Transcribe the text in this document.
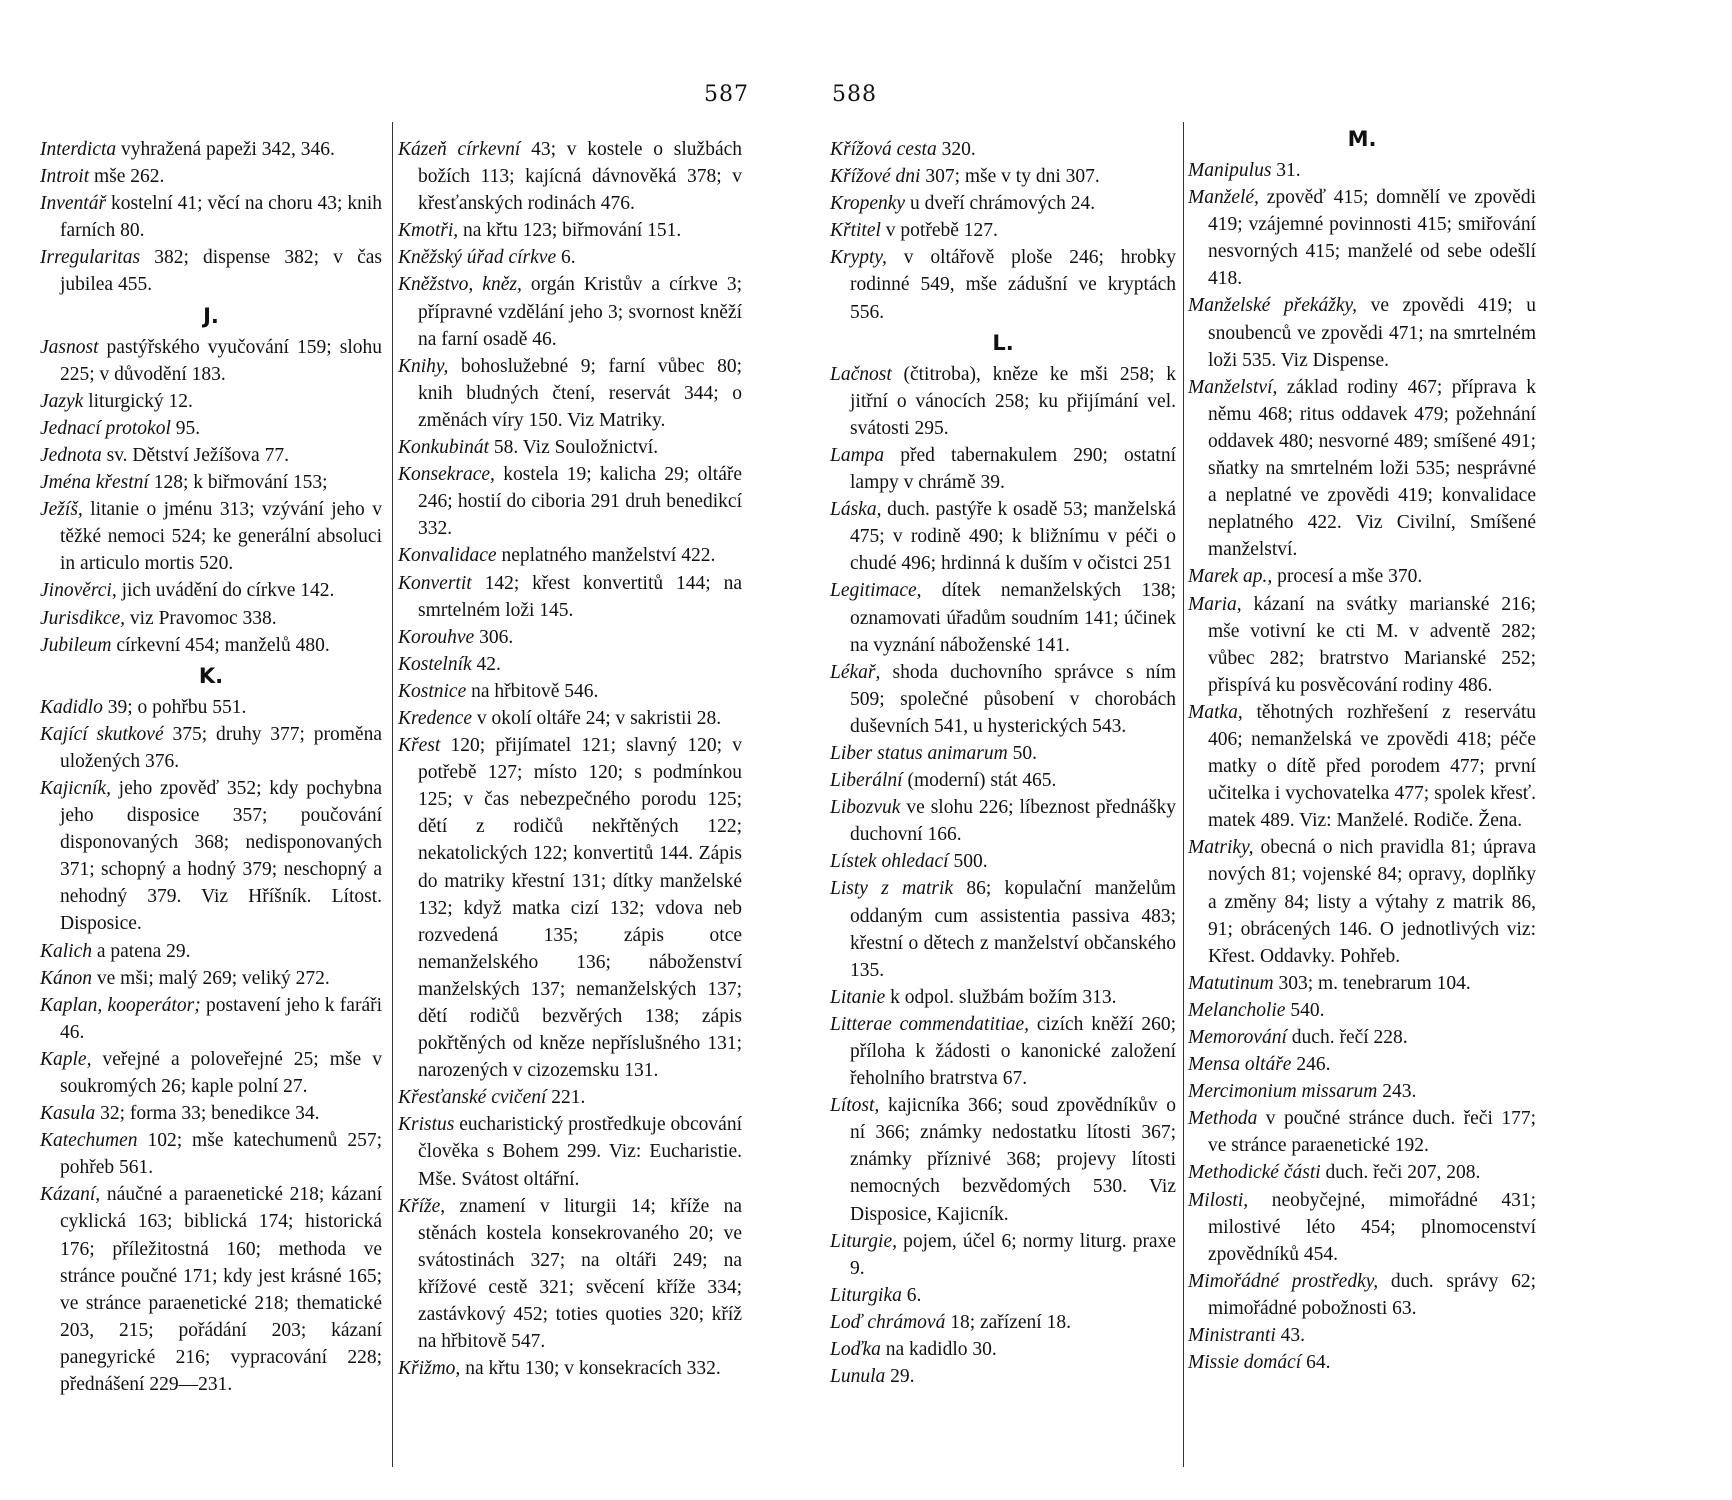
587	588

Interdicta vyhražená papeži 342, 346.

Introit mše 262.

Inventář kostelní 41; věcí na choru 43; knih farních 80.

Irregularitas 382; dispense 382; v čas jubilea 455.

J.

Jasnost pastýřského vyučování 159; slohu 225; v důvodění 183.

Jazyk liturgický 12.

Jednací protokol 95.

Jednota sv. Dětství Ježíšova 77.

Jména křestní 128; k biřmování 153;

Ježíš, litanie o jménu 313; vzývání jeho v těžké nemoci 524; ke generální absoluci in articulo mortis 520.

Jinověrci, jich uvádění do církve 142.

Jurisdikce, viz Pravomoc 338.

Jubileum církevní 454; manželů 480.

K.

Kadidlo 39; o pohřbu 551.

Kající skutkové 375; druhy 377; proměna uložených 376.

Kajicník, jeho zpověď 352; kdy pochybna jeho disposice 357; poučování disponovaných 368; nedisponovaných 371; schopný a hodný 379; neschopný a nehodný 379. Viz Hříšník. Lítost. Disposice.

Kalich a patena 29.

Kánon ve mši; malý 269; veliký 272.

Kaplan, kooperátor; postavení jeho k faráři 46.

Kaple, veřejné a poloveřejné 25; mše v soukromých 26; kaple polní 27.

Kasula 32; forma 33; benedikce 34.

Katechumen 102; mše katechumenů 257; pohřeb 561.

Kázaní, náučné a paraenetické 218; kázaní cyklická 163; biblická 174; historická 176; příležitostná 160; methoda ve stránce poučné 171; kdy jest krásné 165; ve stránce paraenetické 218; thematické 203, 215; pořádání 203; kázaní panegyrické 216; vypracování 228; přednášení 229—231.

Kázeň církevní 43; v kostele o službách božích 113; kajícná dávnověká 378; v křesťanských rodinách 476.

Kmotři, na křtu 123; biřmování 151.

Kněžský úřad církve 6.

Kněžstvo, kněz, orgán Kristův a církve 3; přípravné vzdělání jeho 3; svornost kněží na farní osadě 46.

Knihy, bohoslužebné 9; farní vůbec 80; knih bludných čtení, reservát 344; o změnách víry 150. Viz Matriky.

Konkubinát 58. Viz Souložnictví.

Konsekrace, kostela 19; kalicha 29; oltáře 246; hostií do ciboria 291 druh benedikcí 332.

Konvalidace neplatného manželství 422.

Konvertit 142; křest konvertitů 144; na smrtelném loži 145.

Korouhve 306.

Kostelník 42.

Kostnice na hřbitově 546.

Kredence v okolí oltáře 24; v sakristii 28.

Křest 120; přijímatel 121; slavný 120; v potřebě 127; místo 120; s podmínkou 125; v čas nebezpečného porodu 125; dětí z rodičů nekřtěných 122; nekatolických 122; konvertitů 144. Zápis do matriky křestní 131; dítky manželské 132; když matka cizí 132; vdova neb rozvedená 135; zápis otce nemanželského 136; náboženství manželských 137; nemanželských 137; dětí rodičů bezvěrých 138; zápis pokřtěných od kněze nepříslušného 131; narozených v cizozemsku 131.

Křesťanské cvičení 221.

Kristus eucharistický prostředkuje obcování člověka s Bohem 299. Viz: Eucharistie. Mše. Svátost oltářní.

Kříže, znamení v liturgii 14; kříže na stěnách kostela konsekrovaného 20; ve svátostinách 327; na oltáři 249; na křížové cestě 321; svěcení kříže 334; zastávkový 452; toties quoties 320; kříž na hřbitově 547.

Křižmo, na křtu 130; v konsekracích 332.

Křížová cesta 320.

Křížové dni 307; mše v ty dni 307.

Kropenky u dveří chrámových 24.

Křtitel v potřebě 127.

Krypty, v oltářově ploše 246; hrobky rodinné 549, mše zádušní ve kryptách 556.

L.

Lačnost (čtitroba), kněze ke mši 258; k jitřní o vánocích 258; ku přijímání vel. svátosti 295.

Lampa před tabernakulem 290; ostatní lampy v chrámě 39.

Láska, duch. pastýře k osadě 53; manželská 475; v rodině 490; k bližnímu v péči o chudé 496; hrdinná k duším v očistci 251

Legitimace, dítek nemanželských 138; oznamovati úřadům soudním 141; účinek na vyznání náboženské 141.

Lékař, shoda duchovního správce s ním 509; společné působení v chorobách duševních 541, u hysterických 543.

Liber status animarum 50.

Liberální (moderní) stát 465.

Libozvuk ve slohu 226; líbeznost přednášky duchovní 166.

Lístek ohledací 500.

Listy z matrik 86; kopulační manželům oddaným cum assistentia passiva 483; křestní o dětech z manželství občanského 135.

Litanie k odpol. službám božím 313.

Litterae commendatitiae, cizích kněží 260; příloha k žádosti o kanonické založení řeholního bratrstva 67.

Lítost, kajicníka 366; soud zpovědníkův o ní 366; známky nedostatku lítosti 367; známky příznivé 368; projevy lítosti nemocných bezvědomých 530. Viz Disposice, Kajicník.

Liturgie, pojem, účel 6; normy liturg. praxe 9.

Liturgika 6.

Loď chrámová 18; zařízení 18.

Loďka na kadidlo 30.

Lunula 29.

M.

Manipulus 31.

Manželé, zpověď 415; domnělí ve zpovědi 419; vzájemné povinnosti 415; smiřování nesvorných 415; manželé od sebe odešlí 418.

Manželské překážky, ve zpovědi 419; u snoubenců ve zpovědi 471; na smrtelném loži 535. Viz Dispense.

Manželství, základ rodiny 467; příprava k němu 468; ritus oddavek 479; požehnání oddavek 480; nesvorné 489; smíšené 491; sňatky na smrtelném loži 535; nesprávné a neplatné ve zpovědi 419; konvalidace neplatného 422. Viz Civilní, Smíšené manželství.

Marek ap., procesí a mše 370.

Maria, kázaní na svátky marianské 216; mše votivní ke cti M. v adventě 282; vůbec 282; bratrstvo Marianské 252; přispívá ku posvěcování rodiny 486.

Matka, těhotných rozhřešení z reservátu 406; nemanželská ve zpovědi 418; péče matky o dítě před porodem 477; první učitelka i vychovatelka 477; spolek křesť. matek 489. Viz: Manželé. Rodiče. Žena.

Matriky, obecná o nich pravidla 81; úprava nových 81; vojenské 84; opravy, doplňky a změny 84; listy a výtahy z matrik 86, 91; obrácených 146. O jednotlivých viz: Křest. Oddavky. Pohřeb.

Matutinum 303; m. tenebrarum 104.

Melancholie 540.

Memorování duch. řečí 228.

Mensa oltáře 246.

Mercimonium missarum 243.

Methoda v poučné stránce duch. řeči 177; ve stránce paraenetické 192.

Methodické části duch. řeči 207, 208.

Milosti, neobyčejné, mimořádné 431; milostivé léto 454; plnomocenství zpovědníků 454.

Mimořádné prostředky, duch. správy 62; mimořádné pobožnosti 63.

Ministranti 43.

Missie domácí 64.
